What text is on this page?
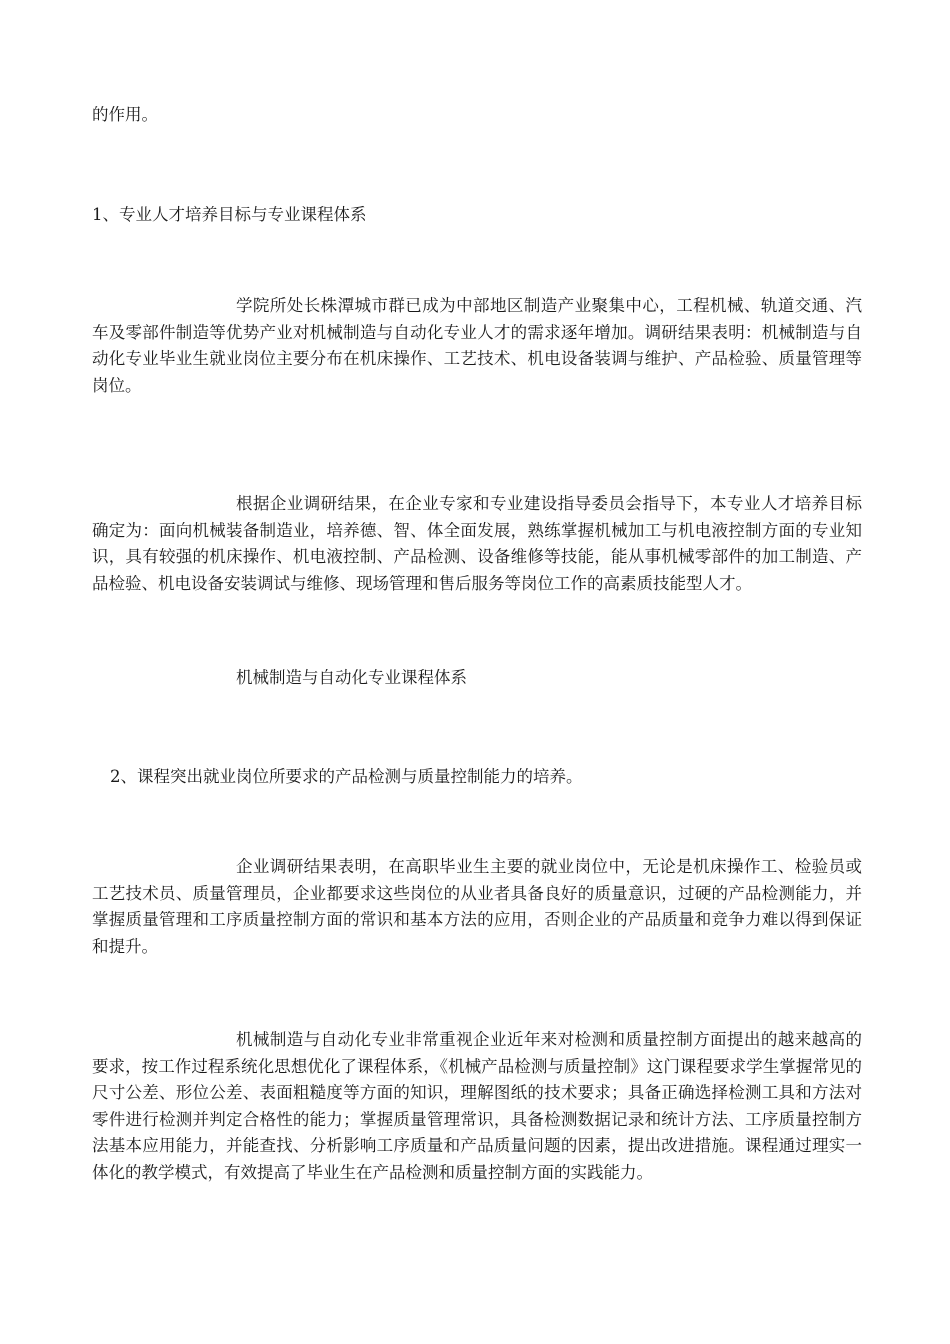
的作用。

1、专业人才培养目标与专业课程体系

学院所处长株潭城市群已成为中部地区制造产业聚集中心，工程机械、轨道交通、汽车及零部件制造等优势产业对机械制造与自动化专业人才的需求逐年增加。调研结果表明：机械制造与自动化专业毕业生就业岗位主要分布在机床操作、工艺技术、机电设备装调与维护、产品检验、质量管理等岗位。

根据企业调研结果，在企业专家和专业建设指导委员会指导下，本专业人才培养目标确定为：面向机械装备制造业，培养德、智、体全面发展，熟练掌握机械加工与机电液控制方面的专业知识，具有较强的机床操作、机电液控制、产品检测、设备维修等技能，能从事机械零部件的加工制造、产品检验、机电设备安装调试与维修、现场管理和售后服务等岗位工作的高素质技能型人才。

机械制造与自动化专业课程体系

2、课程突出就业岗位所要求的产品检测与质量控制能力的培养。

企业调研结果表明，在高职毕业生主要的就业岗位中，无论是机床操作工、检验员或工艺技术员、质量管理员，企业都要求这些岗位的从业者具备良好的质量意识，过硬的产品检测能力，并掌握质量管理和工序质量控制方面的常识和基本方法的应用，否则企业的产品质量和竞争力难以得到保证和提升。

机械制造与自动化专业非常重视企业近年来对检测和质量控制方面提出的越来越高的要求，按工作过程系统化思想优化了课程体系，《机械产品检测与质量控制》这门课程要求学生掌握常见的尺寸公差、形位公差、表面粗糙度等方面的知识，理解图纸的技术要求；具备正确选择检测工具和方法对零件进行检测并判定合格性的能力；掌握质量管理常识，具备检测数据记录和统计方法、工序质量控制方法基本应用能力，并能查找、分析影响工序质量和产品质量问题的因素，提出改进措施。课程通过理实一体化的教学模式，有效提高了毕业生在产品检测和质量控制方面的实践能力。
